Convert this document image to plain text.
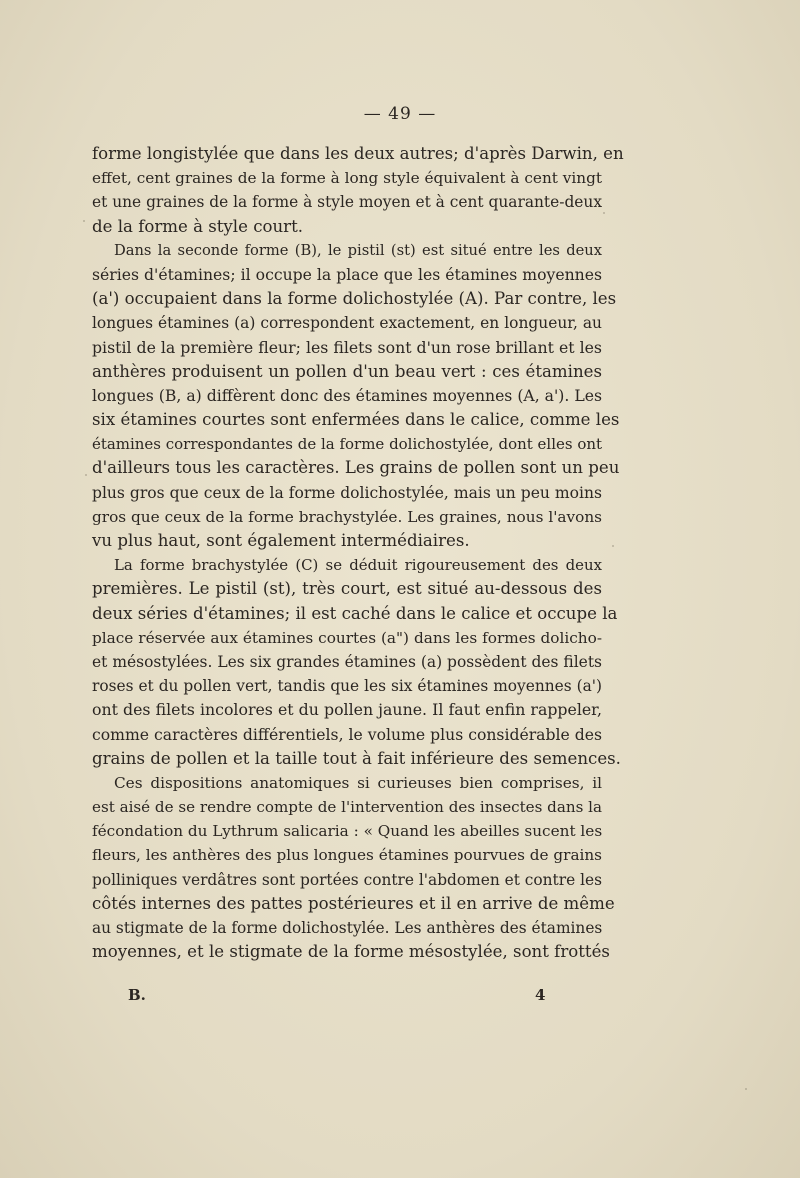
— 49 —
forme longistylée que dans les deux autres; d'après Darwin, en
effet, cent graines de la forme à long style équivalent à cent vingt
et une graines de la forme à style moyen et à cent quarante-deux
de la forme à style court.
Dans la seconde forme (B), le pistil (st) est situé entre les deux
séries d'étamines; il occupe la place que les étamines moyennes
(a') occupaient dans la forme dolichostylée (A). Par contre, les
longues étamines (a) correspondent exactement, en longueur, au
pistil de la première fleur; les filets sont d'un rose brillant et les
anthères produisent un pollen d'un beau vert : ces étamines
longues (B, a) diffèrent donc des étamines moyennes (A, a'). Les
six étamines courtes sont enfermées dans le calice, comme les
étamines correspondantes de la forme dolichostylée, dont elles ont
d'ailleurs tous les caractères. Les grains de pollen sont un peu
plus gros que ceux de la forme dolichostylée, mais un peu moins
gros que ceux de la forme brachystylée. Les graines, nous l'avons
vu plus haut, sont également intermédiaires.
La forme brachystylée (C) se déduit rigoureusement des deux
premières. Le pistil (st), très court, est situé au-dessous des
deux séries d'étamines; il est caché dans le calice et occupe la
place réservée aux étamines courtes (a") dans les formes dolicho-
et mésostylées. Les six grandes étamines (a) possèdent des filets
roses et du pollen vert, tandis que les six étamines moyennes (a')
ont des filets incolores et du pollen jaune. Il faut enfin rappeler,
comme caractères différentiels, le volume plus considérable des
grains de pollen et la taille tout à fait inférieure des semences.
Ces dispositions anatomiques si curieuses bien comprises, il
est aisé de se rendre compte de l'intervention des insectes dans la
fécondation du Lythrum salicaria : « Quand les abeilles sucent les
fleurs, les anthères des plus longues étamines pourvues de grains
polliniques verdâtres sont portées contre l'abdomen et contre les
côtés internes des pattes postérieures et il en arrive de même
au stigmate de la forme dolichostylée. Les anthères des étamines
moyennes, et le stigmate de la forme mésostylée, sont frottés
B.	4
